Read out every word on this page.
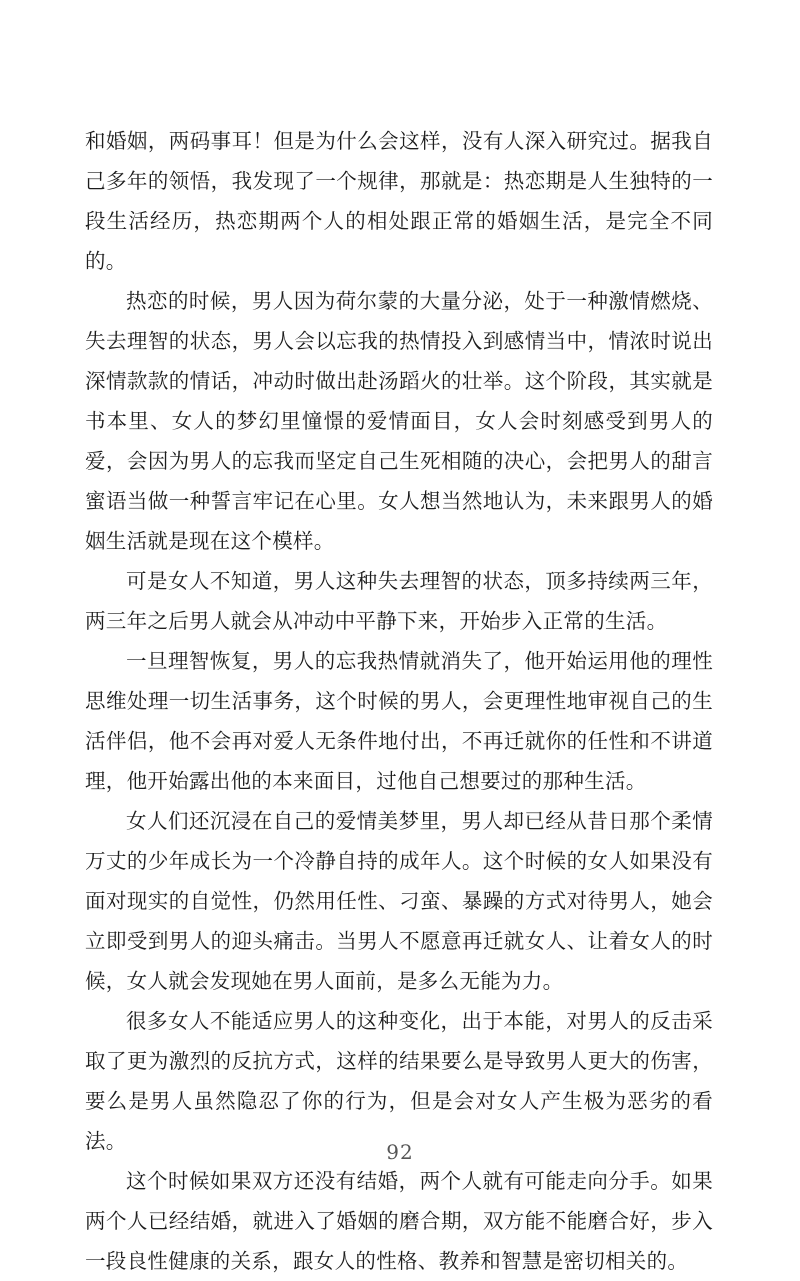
和婚姻，两码事耳！但是为什么会这样，没有人深入研究过。据我自己多年的领悟，我发现了一个规律，那就是：热恋期是人生独特的一段生活经历，热恋期两个人的相处跟正常的婚姻生活，是完全不同的。

热恋的时候，男人因为荷尔蒙的大量分泌，处于一种激情燃烧、失去理智的状态，男人会以忘我的热情投入到感情当中，情浓时说出深情款款的情话，冲动时做出赴汤蹈火的壮举。这个阶段，其实就是书本里、女人的梦幻里憧憬的爱情面目，女人会时刻感受到男人的爱，会因为男人的忘我而坚定自己生死相随的决心，会把男人的甜言蜜语当做一种誓言牢记在心里。女人想当然地认为，未来跟男人的婚姻生活就是现在这个模样。

可是女人不知道，男人这种失去理智的状态，顶多持续两三年，两三年之后男人就会从冲动中平静下来，开始步入正常的生活。

一旦理智恢复，男人的忘我热情就消失了，他开始运用他的理性思维处理一切生活事务，这个时候的男人，会更理性地审视自己的生活伴侣，他不会再对爱人无条件地付出，不再迁就你的任性和不讲道理，他开始露出他的本来面目，过他自己想要过的那种生活。

女人们还沉浸在自己的爱情美梦里，男人却已经从昔日那个柔情万丈的少年成长为一个冷静自持的成年人。这个时候的女人如果没有面对现实的自觉性，仍然用任性、刁蛮、暴躁的方式对待男人，她会立即受到男人的迎头痛击。当男人不愿意再迁就女人、让着女人的时候，女人就会发现她在男人面前，是多么无能为力。

很多女人不能适应男人的这种变化，出于本能，对男人的反击采取了更为激烈的反抗方式，这样的结果要么是导致男人更大的伤害，要么是男人虽然隐忍了你的行为，但是会对女人产生极为恶劣的看法。

这个时候如果双方还没有结婚，两个人就有可能走向分手。如果两个人已经结婚，就进入了婚姻的磨合期，双方能不能磨合好，步入一段良性健康的关系，跟女人的性格、教养和智慧是密切相关的。

92
